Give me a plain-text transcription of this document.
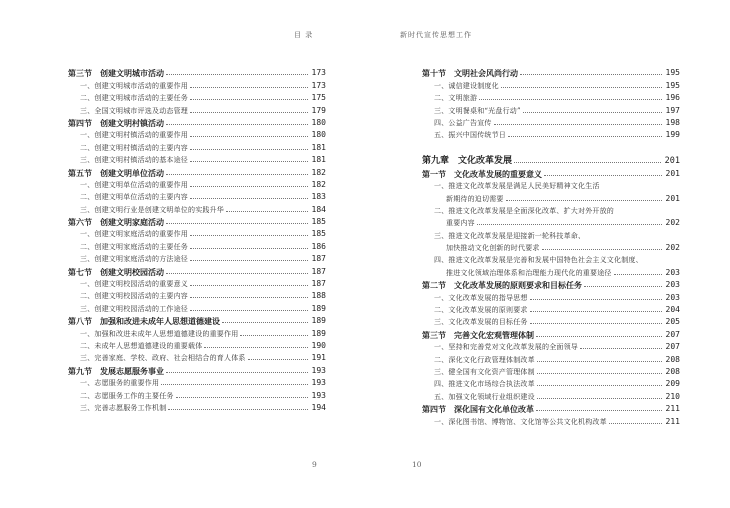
目 录
第三节　创建文明城市活动	173
一、创建文明城市活动的重要作用	173
二、创建文明城市活动的主要任务	175
三、全国文明城市评选及动态管理	179
第四节　创建文明村镇活动	180
一、创建文明村镇活动的重要作用	180
二、创建文明村镇活动的主要内容	181
三、创建文明村镇活动的基本途径	181
第五节　创建文明单位活动	182
一、创建文明单位活动的重要作用	182
二、创建文明单位活动的主要内容	183
三、创建文明行业是创建文明单位的实践升华	184
第六节　创建文明家庭活动	185
一、创建文明家庭活动的重要作用	185
二、创建文明家庭活动的主要任务	186
三、创建文明家庭活动的方法途径	187
第七节　创建文明校园活动	187
一、创建文明校园活动的重要意义	187
二、创建文明校园活动的主要内容	188
三、创建文明校园活动的工作途径	189
第八节　加强和改进未成年人思想道德建设	189
一、加强和改进未成年人思想道德建设的重要作用	189
二、未成年人思想道德建设的重要载体	190
三、完善家庭、学校、政府、社会相结合的育人体系	191
第九节　发展志愿服务事业	193
一、志愿服务的重要作用	193
二、志愿服务工作的主要任务	193
三、完善志愿服务工作机制	194
9
新时代宣传思想工作
第十节　文明社会风尚行动	195
一、诚信建设制度化	195
二、文明旅游	196
三、文明餐桌和“光盘行动”	197
四、公益广告宣传	198
五、振兴中国传统节日	199
第九章　文化改革发展	201
第一节　文化改革发展的重要意义	201
一、推进文化改革发展是满足人民美好精神文化生活
新期待的迫切需要	201
二、推进文化改革发展是全面深化改革、扩大对外开放的
重要内容	202
三、推进文化改革发展是迎接新一轮科技革命、
加快推动文化创新的时代要求	202
四、推进文化改革发展是完善和发展中国特色社会主义文化制度、
推进文化领域治理体系和治理能力现代化的重要途径	203
第二节　文化改革发展的原则要求和目标任务	203
一、文化改革发展的指导思想	203
二、文化改革发展的原则要求	204
三、文化改革发展的目标任务	205
第三节　完善文化宏观管理体制	207
一、坚持和完善党对文化改革发展的全面领导	207
二、深化文化行政管理体制改革	208
三、健全国有文化资产管理体制	208
四、推进文化市场综合执法改革	209
五、加强文化领域行业组织建设	210
第四节　深化国有文化单位改革	211
一、深化图书馆、博物馆、文化馆等公共文化机构改革	211
10
